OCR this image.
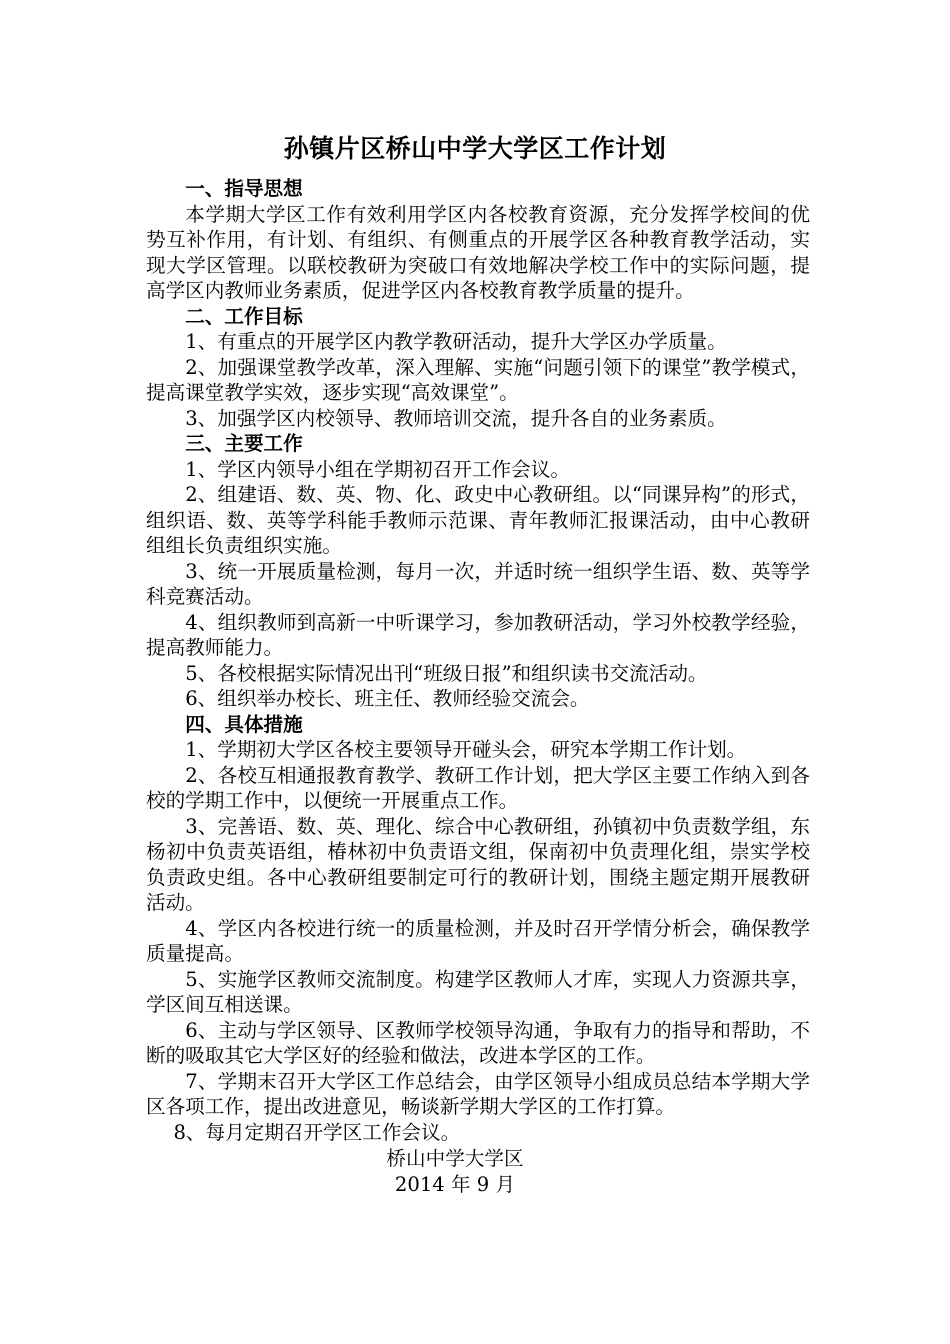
孙镇片区桥山中学大学区工作计划
一、指导思想

本学期大学区工作有效利用学区内各校教育资源，充分发挥学校间的优势互补作用，有计划、有组织、有侧重点的开展学区各种教育教学活动，实现大学区管理。以联校教研为突破口有效地解决学校工作中的实际问题，提高学区内教师业务素质，促进学区内各校教育教学质量的提升。

二、工作目标

1、有重点的开展学区内教学教研活动，提升大学区办学质量。

2、加强课堂教学改革，深入理解、实施“问题引领下的课堂”教学模式，提高课堂教学实效，逐步实现“高效课堂”。

3、加强学区内校领导、教师培训交流，提升各自的业务素质。

三、主要工作

1、学区内领导小组在学期初召开工作会议。

2、组建语、数、英、物、化、政史中心教研组。以“同课异构”的形式，组织语、数、英等学科能手教师示范课、青年教师汇报课活动，由中心教研组组长负责组织实施。

3、统一开展质量检测，每月一次，并适时统一组织学生语、数、英等学科竞赛活动。

4、组织教师到高新一中听课学习，参加教研活动，学习外校教学经验，提高教师能力。

5、各校根据实际情况出刊“班级日报”和组织读书交流活动。

6、组织举办校长、班主任、教师经验交流会。

四、具体措施

1、学期初大学区各校主要领导开碰头会，研究本学期工作计划。

2、各校互相通报教育教学、教研工作计划，把大学区主要工作纳入到各校的学期工作中，以便统一开展重点工作。

3、完善语、数、英、理化、综合中心教研组，孙镇初中负责数学组，东杨初中负责英语组，椿林初中负责语文组，保南初中负责理化组，崇实学校负责政史组。各中心教研组要制定可行的教研计划，围绕主题定期开展教研活动。

4、学区内各校进行统一的质量检测，并及时召开学情分析会，确保教学质量提高。

5、实施学区教师交流制度。构建学区教师人才库，实现人力资源共享，学区间互相送课。

6、主动与学区领导、区教师学校领导沟通，争取有力的指导和帮助，不断的吸取其它大学区好的经验和做法，改进本学区的工作。

7、学期末召开大学区工作总结会，由学区领导小组成员总结本学期大学区各项工作，提出改进意见，畅谈新学期大学区的工作打算。

8、每月定期召开学区工作会议。

桥山中学大学区
2014 年 9 月
